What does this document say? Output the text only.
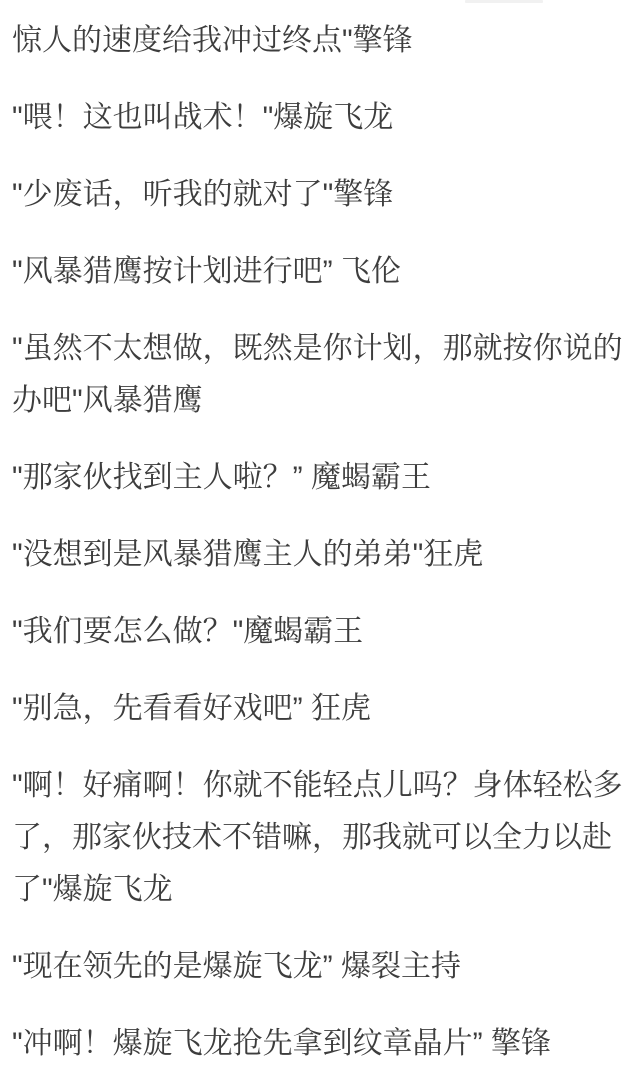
惊人的速度给我冲过终点"擎锋

"喂！这也叫战术！"爆旋飞龙

"少废话，听我的就对了"擎锋

"风暴猎鹰按计划进行吧” 飞伦

"虽然不太想做，既然是你计划，那就按你说的办吧"风暴猎鹰

"那家伙找到主人啦？” 魔蝎霸王

"没想到是风暴猎鹰主人的弟弟"狂虎

"我们要怎么做？"魔蝎霸王

"别急，先看看好戏吧” 狂虎

"啊！好痛啊！你就不能轻点儿吗？身体轻松多了，那家伙技术不错嘛，那我就可以全力以赴了"爆旋飞龙

"现在领先的是爆旋飞龙” 爆裂主持

"冲啊！爆旋飞龙抢先拿到纹章晶片” 擎锋
